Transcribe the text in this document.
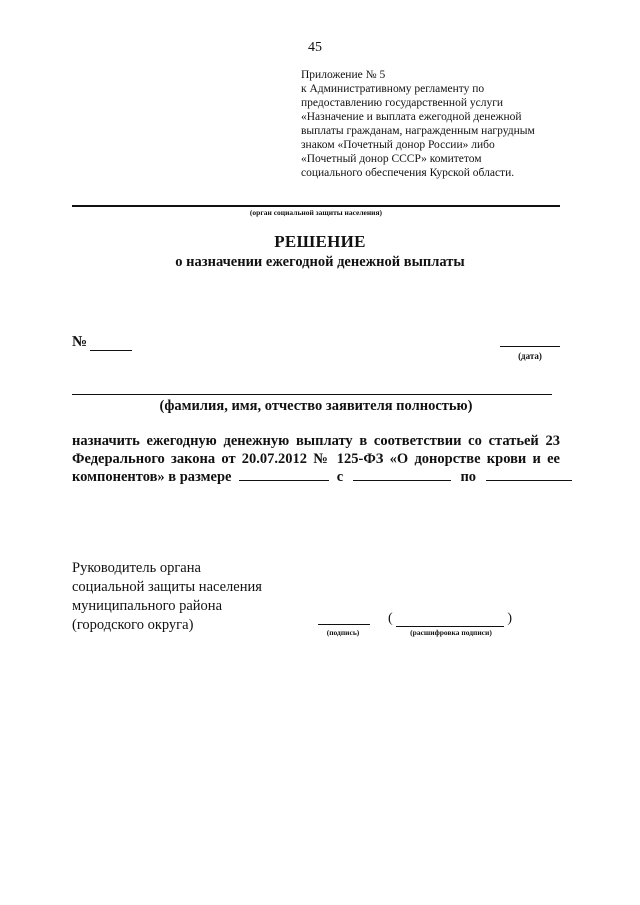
45
Приложение № 5
к Административному регламенту по
предоставлению государственной услуги
«Назначение и выплата ежегодной денежной
выплаты гражданам, награжденным нагрудным
знаком «Почетный донор России» либо
«Почетный донор СССР» комитетом
социального обеспечения Курской области.
(орган социальной защиты населения)
РЕШЕНИЕ
о назначении ежегодной денежной выплаты
№
(дата)
(фамилия, имя, отчество заявителя полностью)
назначить ежегодную денежную выплату в соответствии со статьей 23
Федерального закона от 20.07.2012 № 125-ФЗ «О донорстве крови и ее
компонентов» в размере	с	по
Руководитель органа
социальной защиты населения
муниципального района
(городского округа)	(подпись)
(	)
(расшифровка подписи)
